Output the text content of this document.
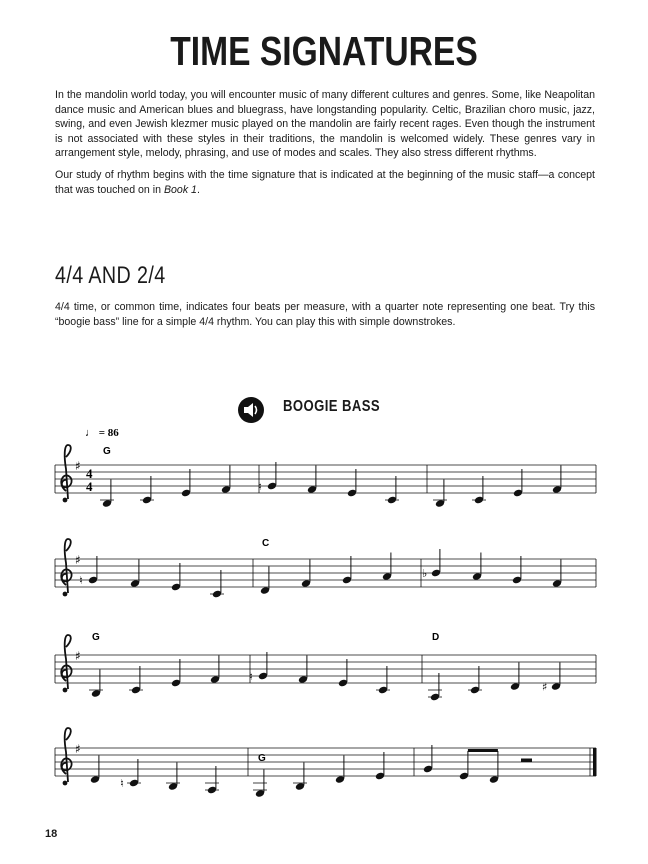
TIME SIGNATURES

In the mandolin world today, you will encounter music of many different cultures and genres. Some, like Neapolitan dance music and American blues and bluegrass, have longstanding popularity. Celtic, Brazilian choro music, jazz, swing, and even Jewish klezmer music played on the mandolin are fairly recent rages. Even though the instrument is not associated with these styles in their traditions, the mandolin is welcomed widely. These genres vary in arrangement style, melody, phrasing, and use of modes and scales. They also stress different rhythms.

Our study of rhythm begins with the time signature that is indicated at the beginning of the music staff—a concept that was touched on in Book 1.

4/4 AND 2/4

4/4 time, or common time, indicates four beats per measure, with a quarter note representing one beat. Try this “boogie bass” line for a simple 4/4 rhythm. You can play this with simple downstrokes.

BOOGIE BASS
♩ = 86
G
C
G	D
G
♯ 4
4	♮
♯
♮
♭
♯
♮
♯
♯
♮
18
